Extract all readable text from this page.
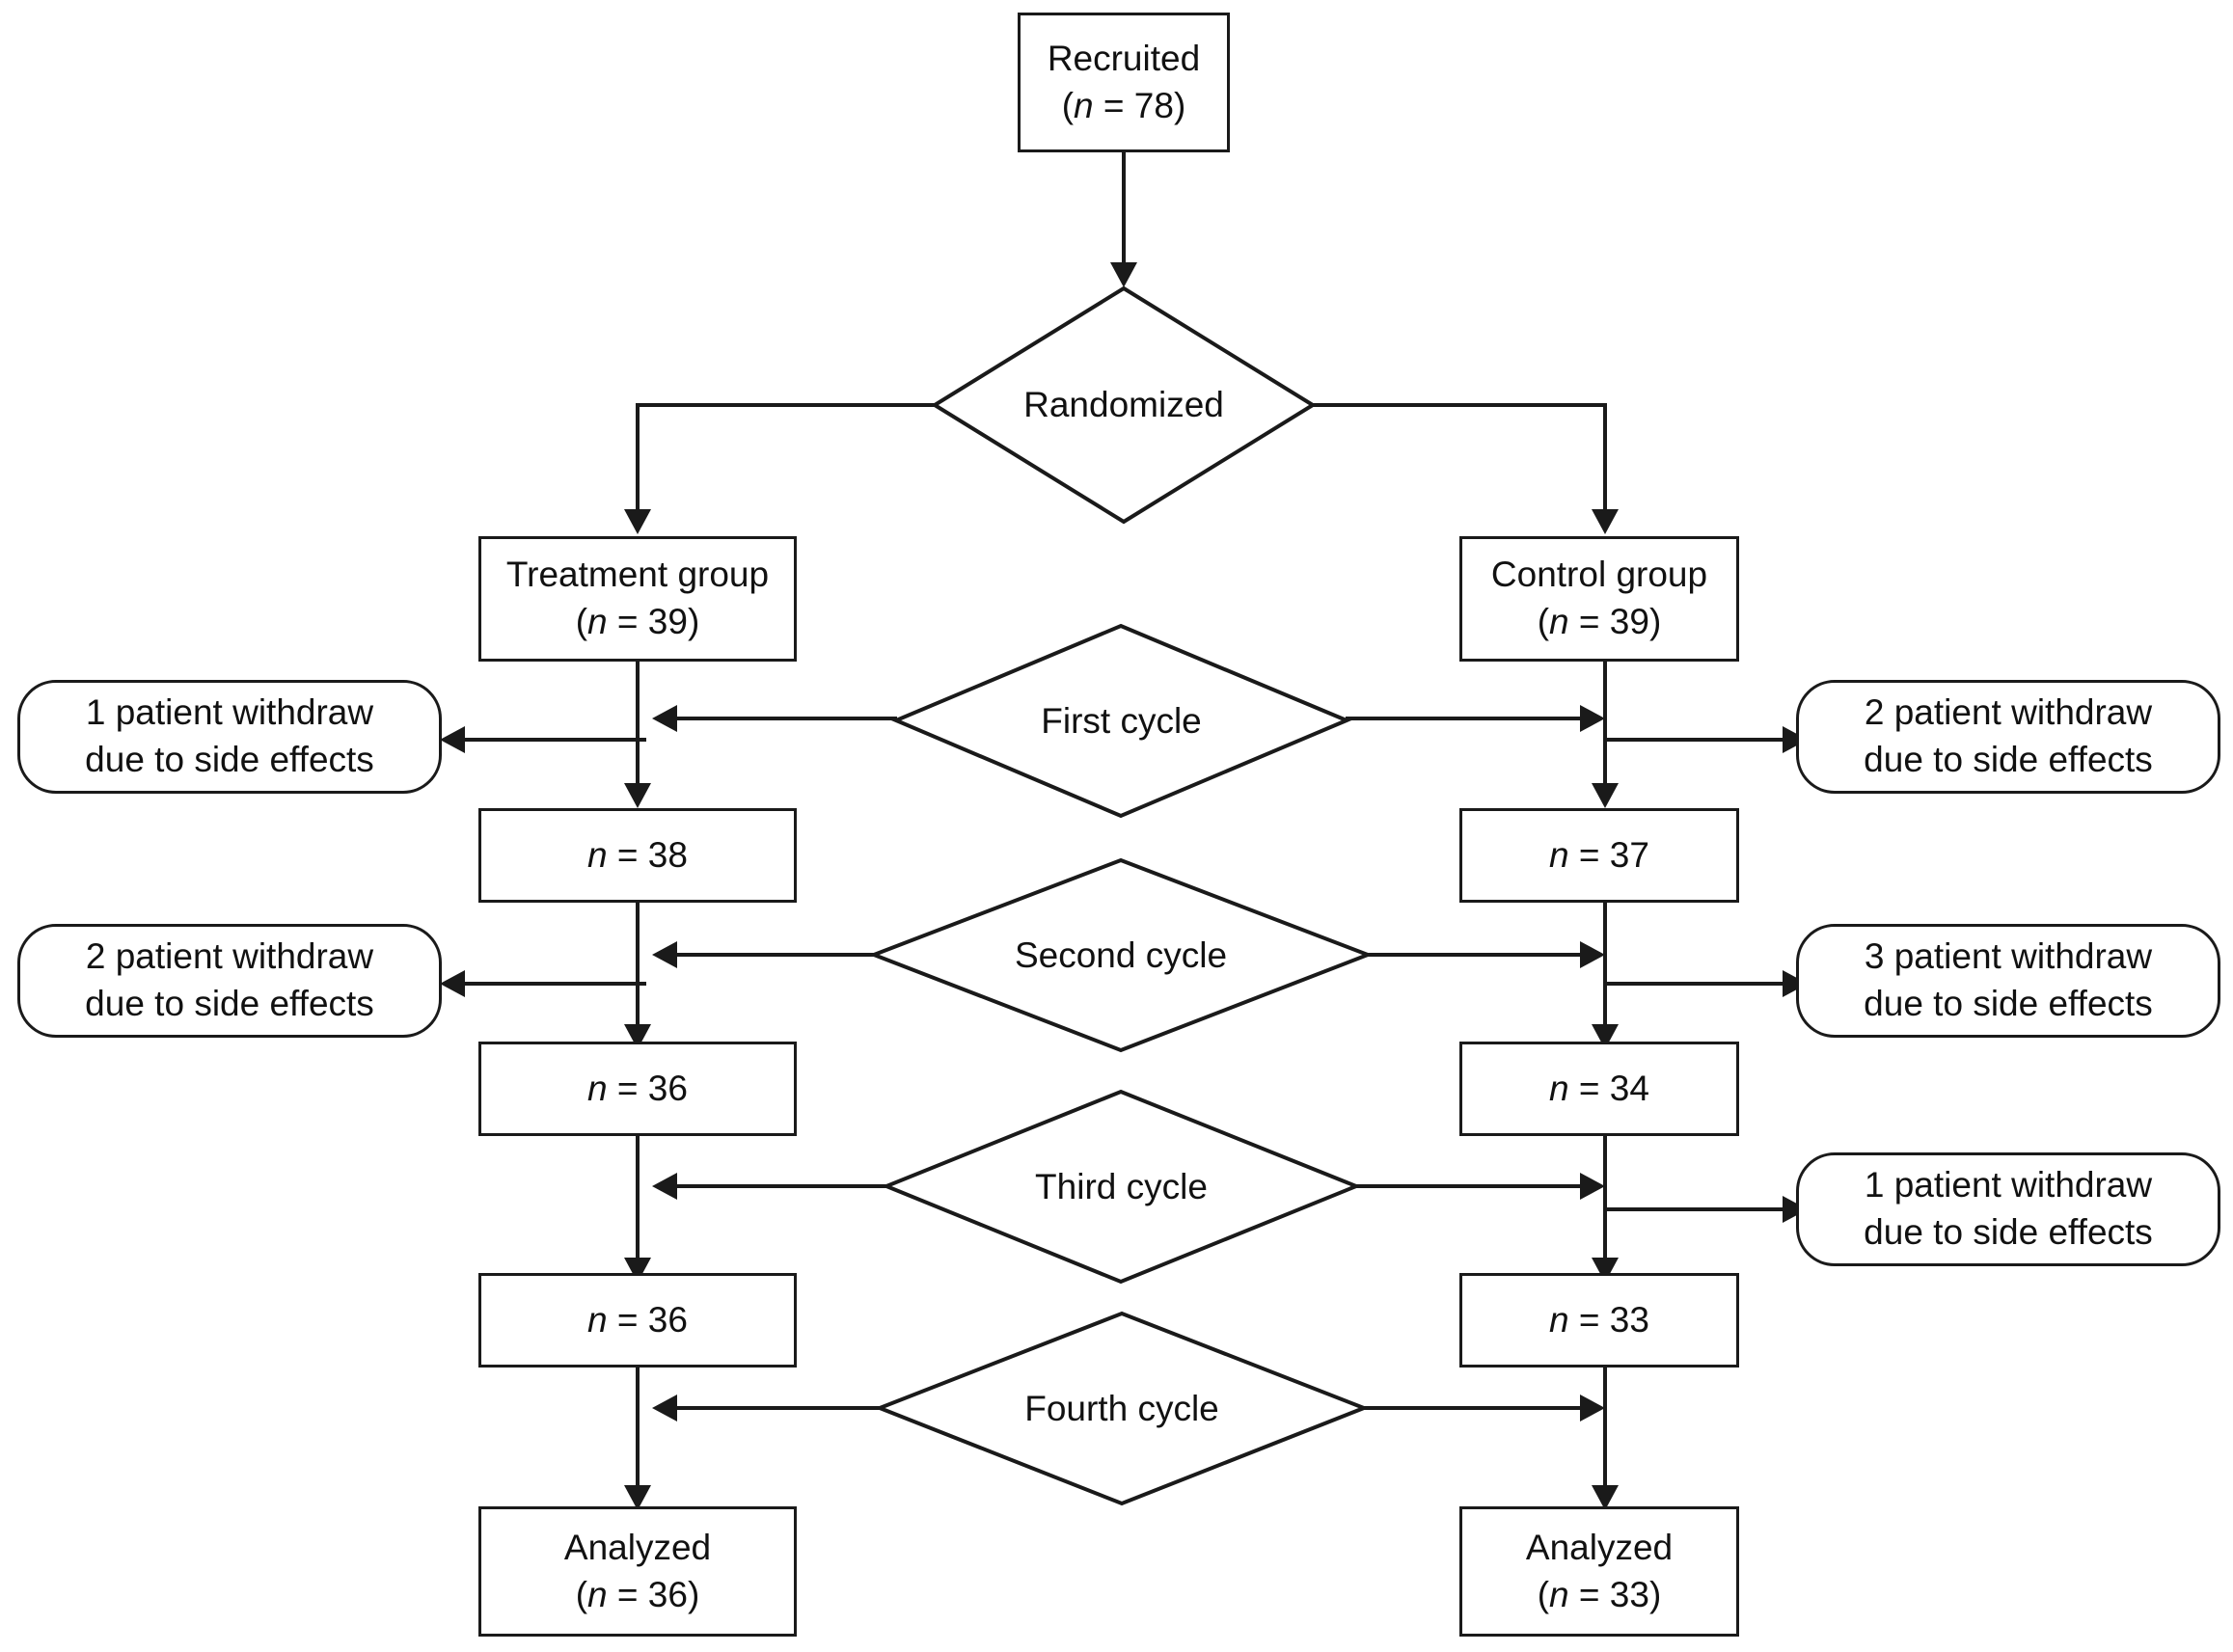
Recruited
(n = 78)
Randomized
Treatment group
(n = 39)
Control group
(n = 39)
First cycle
1 patient withdraw
due to side effects
2 patient withdraw
due to side effects
n = 38	n = 37
Second cycle
2 patient withdraw
due to side effects
3 patient withdraw
due to side effects
n = 36	n = 34
Third cycle	1 patient withdraw
due to side effects
n = 36	n = 33
Fourth cycle
Analyzed
(n = 36)
Analyzed
(n = 33)
